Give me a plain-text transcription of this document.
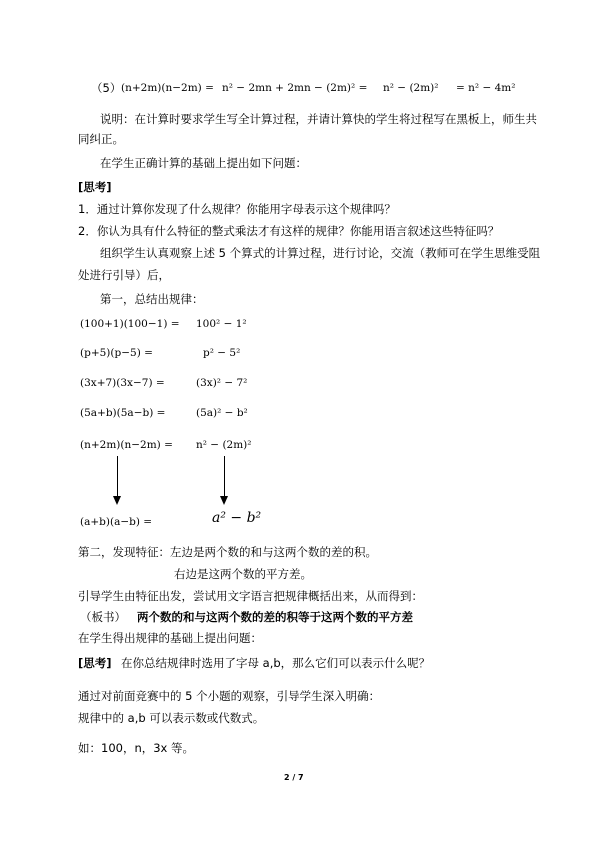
（5） (n+2m)(n−2m) = n² − 2mn + 2mn − (2m)² = n² − (2m)² = n² − 4m²
说明：在计算时要求学生写全计算过程，并请计算快的学生将过程写在黑板上，师生共
同纠正。
在学生正确计算的基础上提出如下问题：
[思考]
1．通过计算你发现了什么规律？你能用字母表示这个规律吗？
2．你认为具有什么特征的整式乘法才有这样的规律？你能用语言叙述这些特征吗？
组织学生认真观察上述 5 个算式的计算过程，进行讨论，交流（教师可在学生思维受阻
处进行引导）后，
第一，总结出规律：
(100+1)(100−1) = 100² − 1²
(p+5)(p−5) =	p² − 5²
(3x+7)(3x−7) =	(3x)² − 7²
(5a+b)(5a−b) =	(5a)² − b²
(n+2m)(n−2m) = n² − (2m)²
(a+b)(a−b) =	a² − b²
第二，发现特征：左边是两个数的和与这两个数的差的积。
右边是这两个数的平方差。
引导学生由特征出发，尝试用文字语言把规律概括出来，从而得到：
（板书） 两个数的和与这两个数的差的积等于这两个数的平方差
在学生得出规律的基础上提出问题：
[思考] 在你总结规律时选用了字母 a,b，那么它们可以表示什么呢？
通过对前面竞赛中的 5 个小题的观察，引导学生深入明确：
规律中的 a,b 可以表示数或代数式。
如：100，n，3x 等。
2 / 7
